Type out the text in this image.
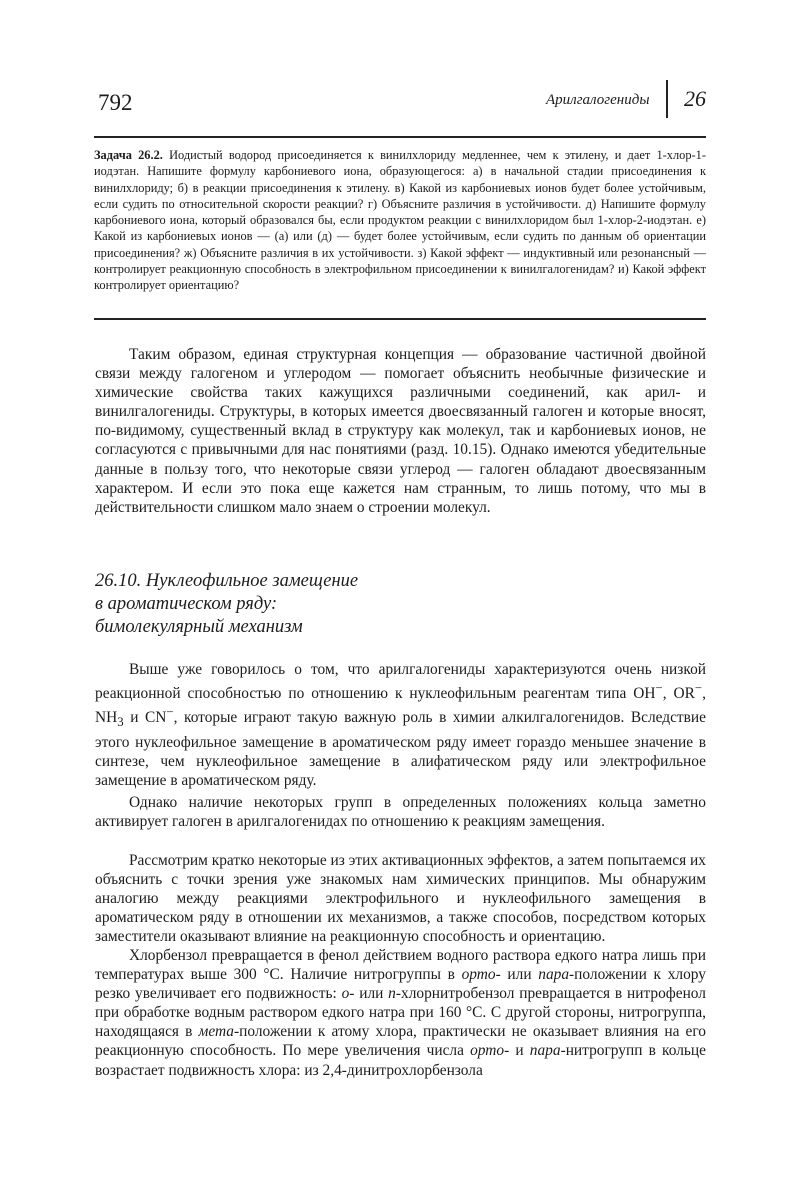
792	Арилгалогениды 26
Задача 26.2. Иодистый водород присоединяется к винилхлориду медленнее, чем к этилену, и дает 1-хлор-1-иодэтан. Напишите формулу карбониевого иона, образующегося: а) в начальной стадии присоединения к винилхлориду; б) в реакции присоединения к этилену. в) Какой из карбониевых ионов будет более устойчивым, если судить по относительной скорости реакции? г) Объясните различия в устойчивости. д) Напишите формулу карбониевого иона, который образовался бы, если продуктом реакции с винилхлоридом был 1-хлор-2-иодэтан. е) Какой из карбониевых ионов — (а) или (д) — будет более устойчивым, если судить по данным об ориентации присоединения? ж) Объясните различия в их устойчивости. з) Какой эффект — индуктивный или резонансный — контролирует реакционную способность в электрофильном присоединении к винилгалогенидам? и) Какой эффект контролирует ориентацию?

Таким образом, единая структурная концепция — образование частичной двойной связи между галогеном и углеродом — помогает объяснить необычные физические и химические свойства таких кажущихся различными соединений, как арил- и винилгалогениды. Структуры, в которых имеется двоесвязанный галоген и которые вносят, по-видимому, существенный вклад в структуру как молекул, так и карбониевых ионов, не согласуются с привычными для нас понятиями (разд. 10.15). Однако имеются убедительные данные в пользу того, что некоторые связи углерод — галоген обладают двоесвязанным характером. И если это пока еще кажется нам странным, то лишь потому, что мы в действительности слишком мало знаем о строении молекул.

26.10. Нуклеофильное замещение
в ароматическом ряду:
бимолекулярный механизм

Выше уже говорилось о том, что арилгалогениды характеризуются очень низкой реакционной способностью по отношению к нуклеофильным реагентам типа OH−, OR−, $NH_3$ и CN−, которые играют такую важную роль в химии алкилгалогенидов. Вследствие этого нуклеофильное замещение в ароматическом ряду имеет гораздо меньшее значение в синтезе, чем нуклеофильное замещение в алифатическом ряду или электрофильное замещение в ароматическом ряду.

Однако наличие некоторых групп в определенных положениях кольца заметно активирует галоген в арилгалогенидах по отношению к реакциям замещения.

Рассмотрим кратко некоторые из этих активационных эффектов, а затем попытаемся их объяснить с точки зрения уже знакомых нам химических принципов. Мы обнаружим аналогию между реакциями электрофильного и нуклеофильного замещения в ароматическом ряду в отношении их механизмов, а также способов, посредством которых заместители оказывают влияние на реакционную способность и ориентацию.

Хлорбензол превращается в фенол действием водного раствора едкого натра лишь при температурах выше 300 °С. Наличие нитрогруппы в орто- или пара-положении к хлору резко увеличивает его подвижность: о- или п-хлорнитробензол превращается в нитрофенол при обработке водным раствором едкого натра при 160 °С. С другой стороны, нитрогруппа, находящаяся в мета-положении к атому хлора, практически не оказывает влияния на его реакционную способность. По мере увеличения числа орто- и пара-нитрогрупп в кольце возрастает подвижность хлора: из 2,4-динитрохлорбензола
